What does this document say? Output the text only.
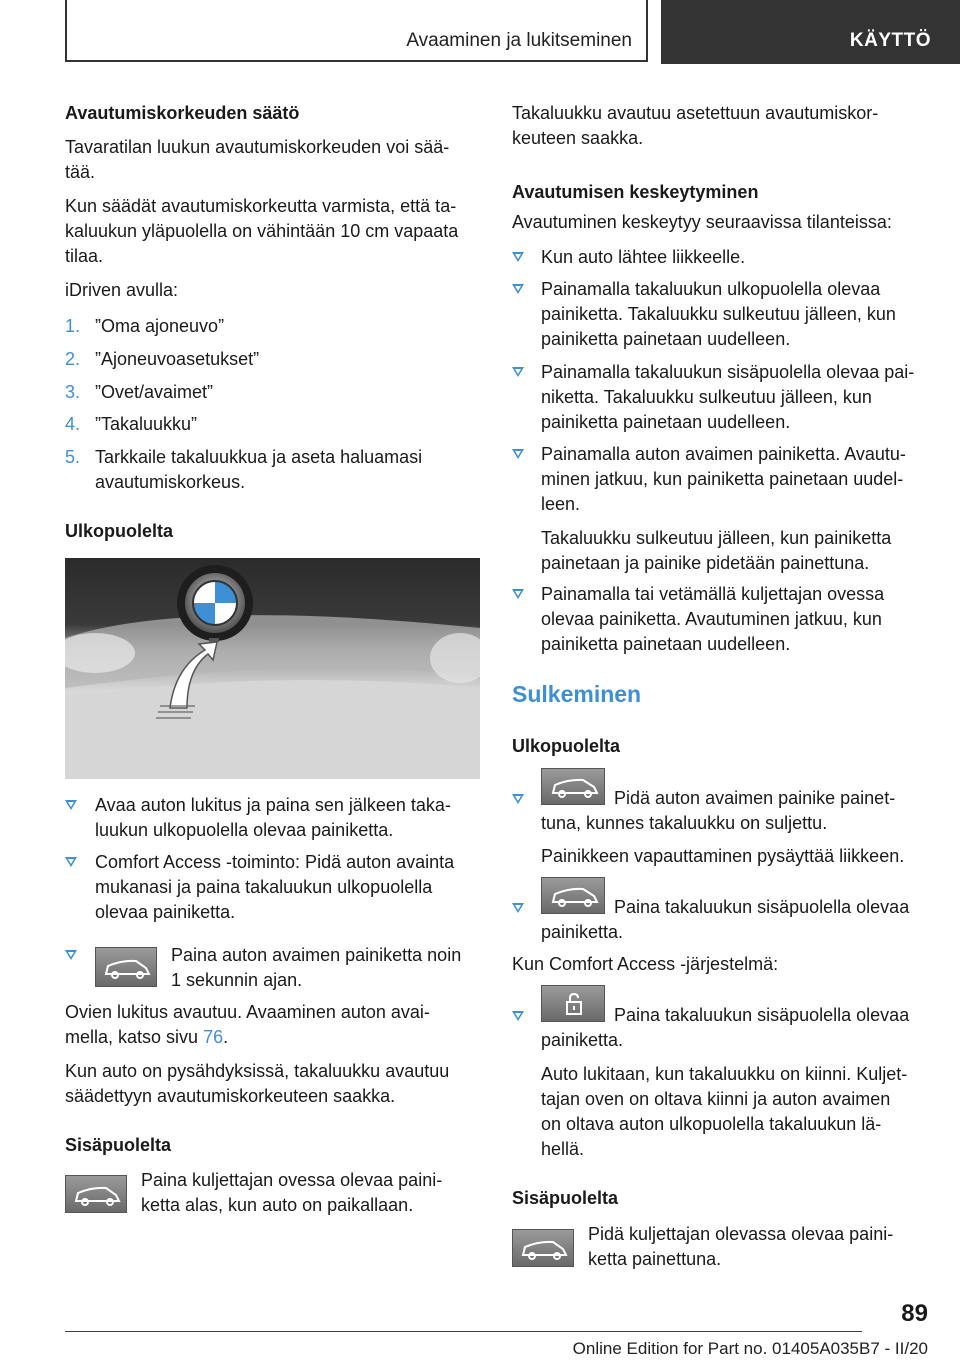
Avaaminen ja lukitseminen	KÄYTTÖ

Avautumiskorkeuden säätö

Tavaratilan luukun avautumiskorkeuden voi sää-

tää.

Kun säädät avautumiskorkeutta varmista, että ta-

kaluukun yläpuolella on vähintään 10 cm vapaata

tilaa.

iDriven avulla:

1. ”Oma ajoneuvo”

2. ”Ajoneuvoasetukset”

3. ”Ovet/avaimet”

4. ”Takaluukku”

5. Tarkkaile takaluukkua ja aseta haluamasi

avautumiskorkeus.

Ulkopuolelta

Avaa auton lukitus ja paina sen jälkeen taka-

luukun ulkopuolella olevaa painiketta.

Comfort Access -toiminto: Pidä auton avainta

mukanasi ja paina takaluukun ulkopuolella

olevaa painiketta.

Paina auton avaimen painiketta noin

1 sekunnin ajan.

Ovien lukitus avautuu. Avaaminen auton avai-

mella, katso sivu 76.

Kun auto on pysähdyksissä, takaluukku avautuu

säädettyyn avautumiskorkeuteen saakka.

Sisäpuolelta

Paina kuljettajan ovessa olevaa paini-

ketta alas, kun auto on paikallaan.

Takaluukku avautuu asetettuun avautumiskor-

keuteen saakka.

Avautumisen keskeytyminen

Avautuminen keskeytyy seuraavissa tilanteissa:

Kun auto lähtee liikkeelle.

Painamalla takaluukun ulkopuolella olevaa

painiketta. Takaluukku sulkeutuu jälleen, kun

painiketta painetaan uudelleen.

Painamalla takaluukun sisäpuolella olevaa pai-

niketta. Takaluukku sulkeutuu jälleen, kun

painiketta painetaan uudelleen.

Painamalla auton avaimen painiketta. Avautu-

minen jatkuu, kun painiketta painetaan uudel-

leen.

Takaluukku sulkeutuu jälleen, kun painiketta

painetaan ja painike pidetään painettuna.

Painamalla tai vetämällä kuljettajan ovessa

olevaa painiketta. Avautuminen jatkuu, kun

painiketta painetaan uudelleen.

Sulkeminen

Ulkopuolelta

Pidä auton avaimen painike painet-

tuna, kunnes takaluukku on suljettu.

Painikkeen vapauttaminen pysäyttää liikkeen.

Paina takaluukun sisäpuolella olevaa

painiketta.

Kun Comfort Access -järjestelmä:

Paina takaluukun sisäpuolella olevaa

painiketta.

Auto lukitaan, kun takaluukku on kiinni. Kuljet-

tajan oven on oltava kiinni ja auton avaimen

on oltava auton ulkopuolella takaluukun lä-

hellä.

Sisäpuolelta

Pidä kuljettajan olevassa olevaa paini-

ketta painettuna.

89
Online Edition for Part no. 01405A035B7 - II/20
